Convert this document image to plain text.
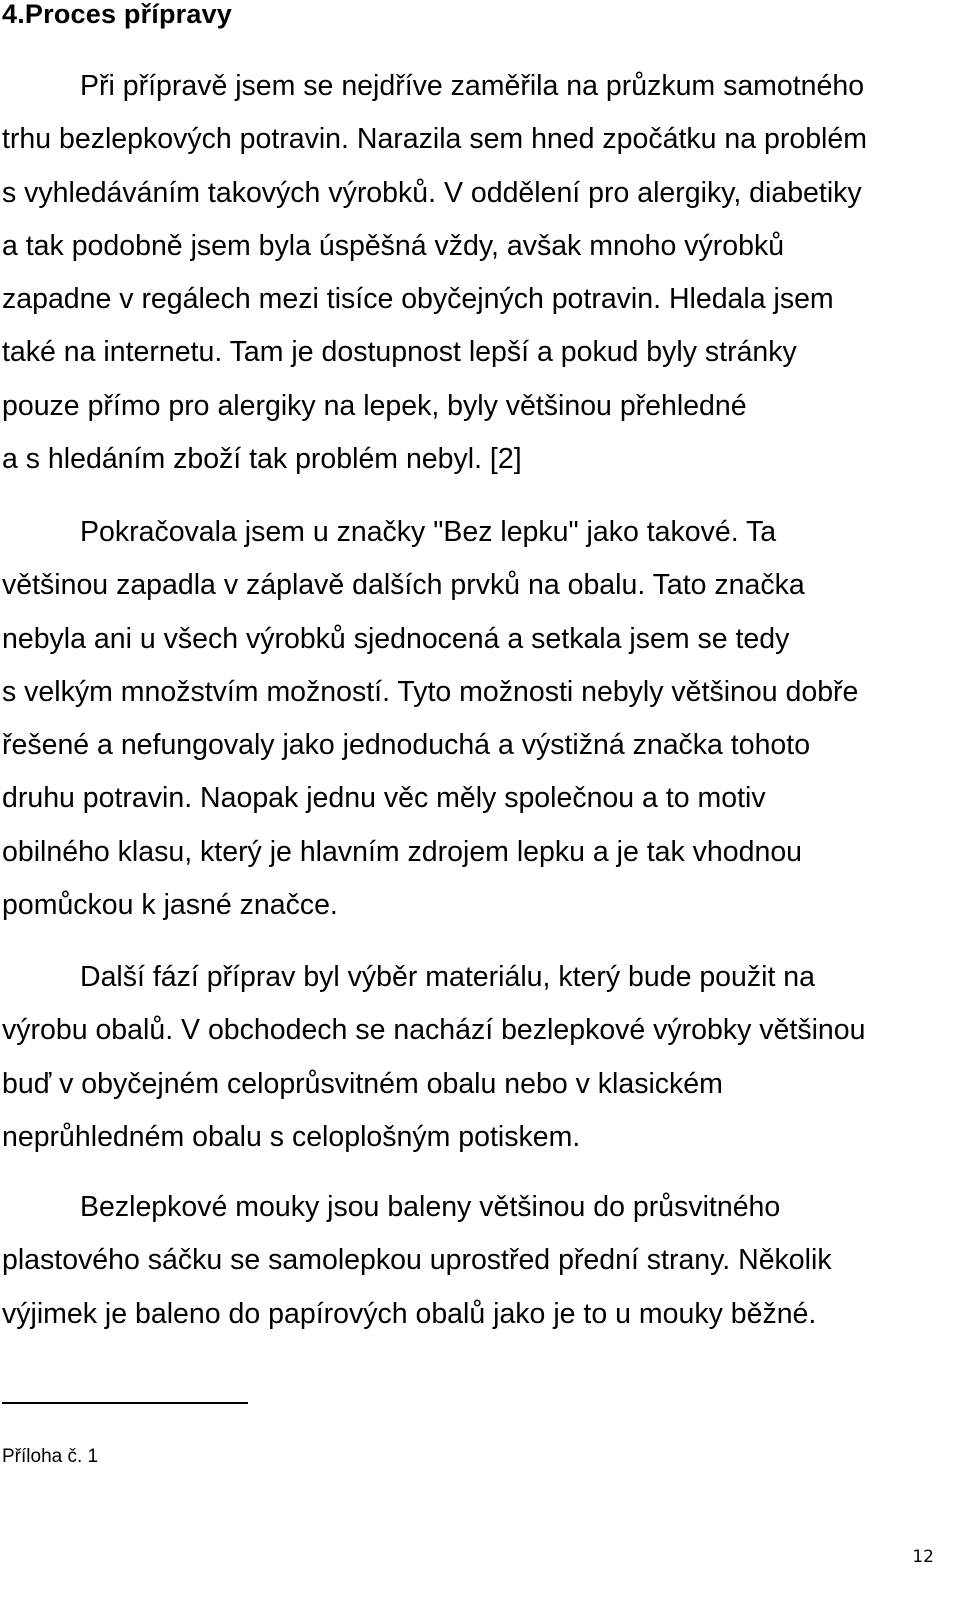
4.Proces přípravy
Při přípravě jsem se nejdříve zaměřila na průzkum samotného
trhu bezlepkových potravin. Narazila sem hned zpočátku na problém
s vyhledáváním takových výrobků. V oddělení pro alergiky, diabetiky
a tak podobně jsem byla úspěšná vždy, avšak mnoho výrobků
zapadne v regálech mezi tisíce obyčejných potravin. Hledala jsem
také na internetu. Tam je dostupnost lepší a pokud byly stránky
pouze přímo pro alergiky na lepek, byly většinou přehledné
a s hledáním zboží tak problém nebyl. [2]
Pokračovala jsem u značky "Bez lepku" jako takové. Ta
většinou zapadla v záplavě dalších prvků na obalu. Tato značka
nebyla ani u všech výrobků sjednocená a setkala jsem se tedy
s velkým množstvím možností. Tyto možnosti nebyly většinou dobře
řešené a nefungovaly jako jednoduchá a výstižná značka tohoto
druhu potravin. Naopak jednu věc měly společnou a to motiv
obilného klasu, který je hlavním zdrojem lepku a je tak vhodnou
pomůckou k jasné značce.
Další fází příprav byl výběr materiálu, který bude použit na
výrobu obalů. V obchodech se nachází bezlepkové výrobky většinou
buď v obyčejném celoprůsvitném obalu nebo v klasickém
neprůhledném obalu s celoplošným potiskem.
Bezlepkové mouky jsou baleny většinou do průsvitného
plastového sáčku se samolepkou uprostřed přední strany. Několik
výjimek je baleno do papírových obalů jako je to u mouky běžné.

Příloha č. 1

12
